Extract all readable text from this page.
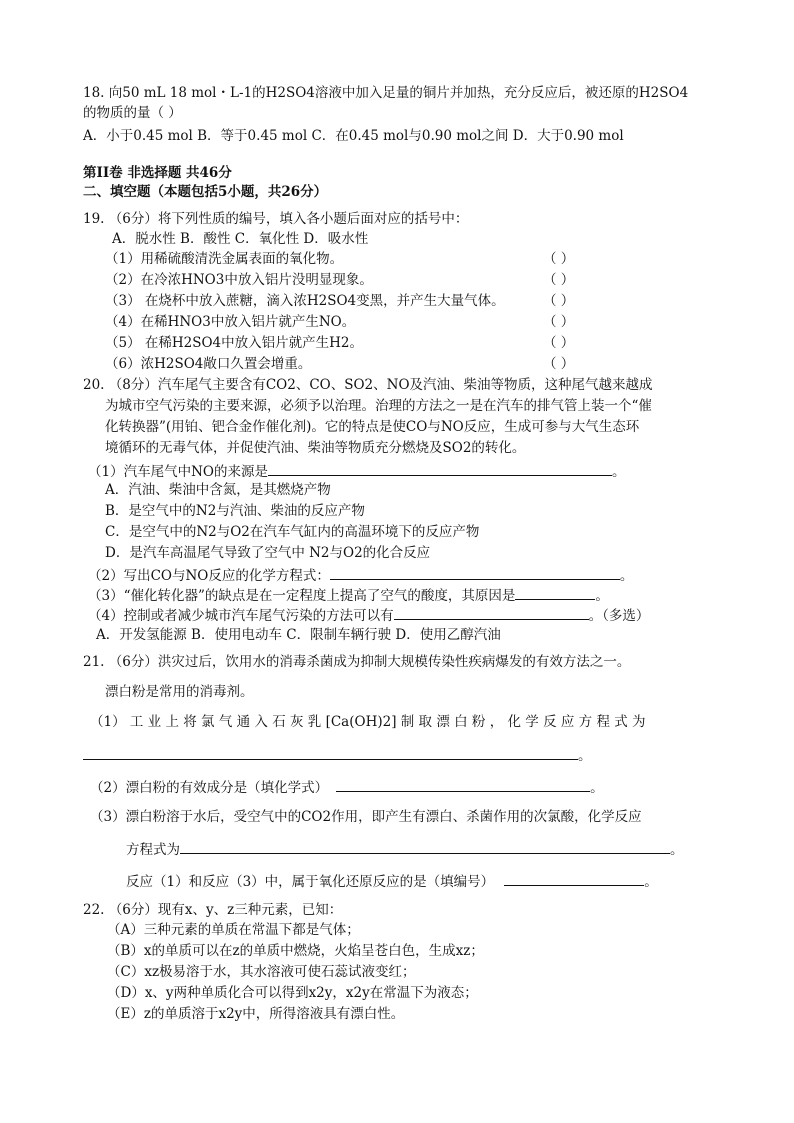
18. 向50 mL 18 mol・L-1的H2SO4溶液中加入足量的铜片并加热，充分反应后，被还原的H2SO4
的物质的量（ ）
A．小于0.45 mol B．等于0.45 mol C．在0.45 mol与0.90 mol之间 D．大于0.90 mol
第II卷 非选择题 共46分
二、填空题（本题包括5小题，共26分）
19. （6分）将下列性质的编号，填入各小题后面对应的括号中：
A．脱水性 B．酸性 C．氧化性 D．吸水性
（1）用稀硫酸清洗金属表面的氧化物。	（ ）
（2）在冷浓HNO3中放入铝片没明显现象。	（ ）
（3） 在烧杯中放入蔗糖，滴入浓H2SO4变黑，并产生大量气体。	（ ）
（4）在稀HNO3中放入铝片就产生NO。	（ ）
（5） 在稀H2SO4中放入铝片就产生H2。	（ ）
（6）浓H2SO4敞口久置会增重。	（ ）
20. （8分）汽车尾气主要含有CO2、CO、SO2、NO及汽油、柴油等物质，这种尾气越来越成
为城市空气污染的主要来源，必须予以治理。治理的方法之一是在汽车的排气管上装一个“催
化转换器”(用铂、钯合金作催化剂)。它的特点是使CO与NO反应，生成可参与大气生态环
境循环的无毒气体，并促使汽油、柴油等物质充分燃烧及SO2的转化。
（1）汽车尾气中NO的来源是	。
A．汽油、柴油中含氮，是其燃烧产物
B．是空气中的N2与汽油、柴油的反应产物
C．是空气中的N2与O2在汽车气缸内的高温环境下的反应产物
D．是汽车高温尾气导致了空气中 N2与O2的化合反应
（2）写出CO与NO反应的化学方程式：	。
（3）“催化转化器”的缺点是在一定程度上提高了空气的酸度，其原因是	。
（4）控制或者减少城市汽车尾气污染的方法可以有	。（多选）
A．开发氢能源 B．使用电动车 C．限制车辆行驶 D．使用乙醇汽油
21. （6分）洪灾过后，饮用水的消毒杀菌成为抑制大规模传染性疾病爆发的有效方法之一。
漂白粉是常用的消毒剂。
（1） 工 业 上 将 氯 气 通 入 石 灰 乳 [Ca(OH)2] 制 取 漂 白 粉 ， 化 学 反 应 方 程 式 为
。
（2）漂白粉的有效成分是（填化学式）	。
（3）漂白粉溶于水后，受空气中的CO2作用，即产生有漂白、杀菌作用的次氯酸，化学反应
方程式为	。
反应（1）和反应（3）中，属于氧化还原反应的是（填编号）	。
22. （6分）现有x、y、z三种元素，已知：
（A）三种元素的单质在常温下都是气体；
（B）x的单质可以在z的单质中燃烧，火焰呈苍白色，生成xz；
（C）xz极易溶于水，其水溶液可使石蕊试液变红；
（D）x、y两种单质化合可以得到x2y，x2y在常温下为液态；
（E）z的单质溶于x2y中，所得溶液具有漂白性。
